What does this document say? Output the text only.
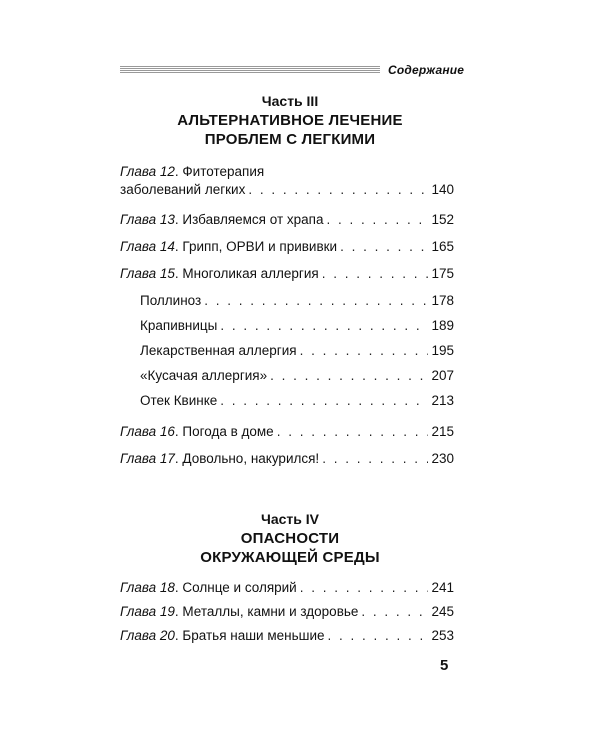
Содержание
Часть III
АЛЬТЕРНАТИВНОЕ ЛЕЧЕНИЕ
ПРОБЛЕМ С ЛЕГКИМИ
Глава 12 . Фитотерапия
заболеваний легких . . .	140
Глава 13 . Избавляемся от храпа . . .	152
Глава 14 . Грипп, ОРВИ и прививки . . .	165
Глава 15 . Многоликая аллергия . . .	175
Поллиноз . . .	178
Крапивницы . . .	189
Лекарственная аллергия . . .	195
«Кусачая аллергия» . . .	207
Отек Квинке . . .	213
Глава 16 . Погода в доме . . .	215
Глава 17 . Довольно, накурился! . . .	230
Часть IV
ОПАСНОСТИ
ОКРУЖАЮЩЕЙ СРЕДЫ
Глава 18 . Солнце и солярий . . .	241
Глава 19 . Металлы, камни и здоровье . . .	245
Глава 20 . Братья наши меньшие . . .	253
5
